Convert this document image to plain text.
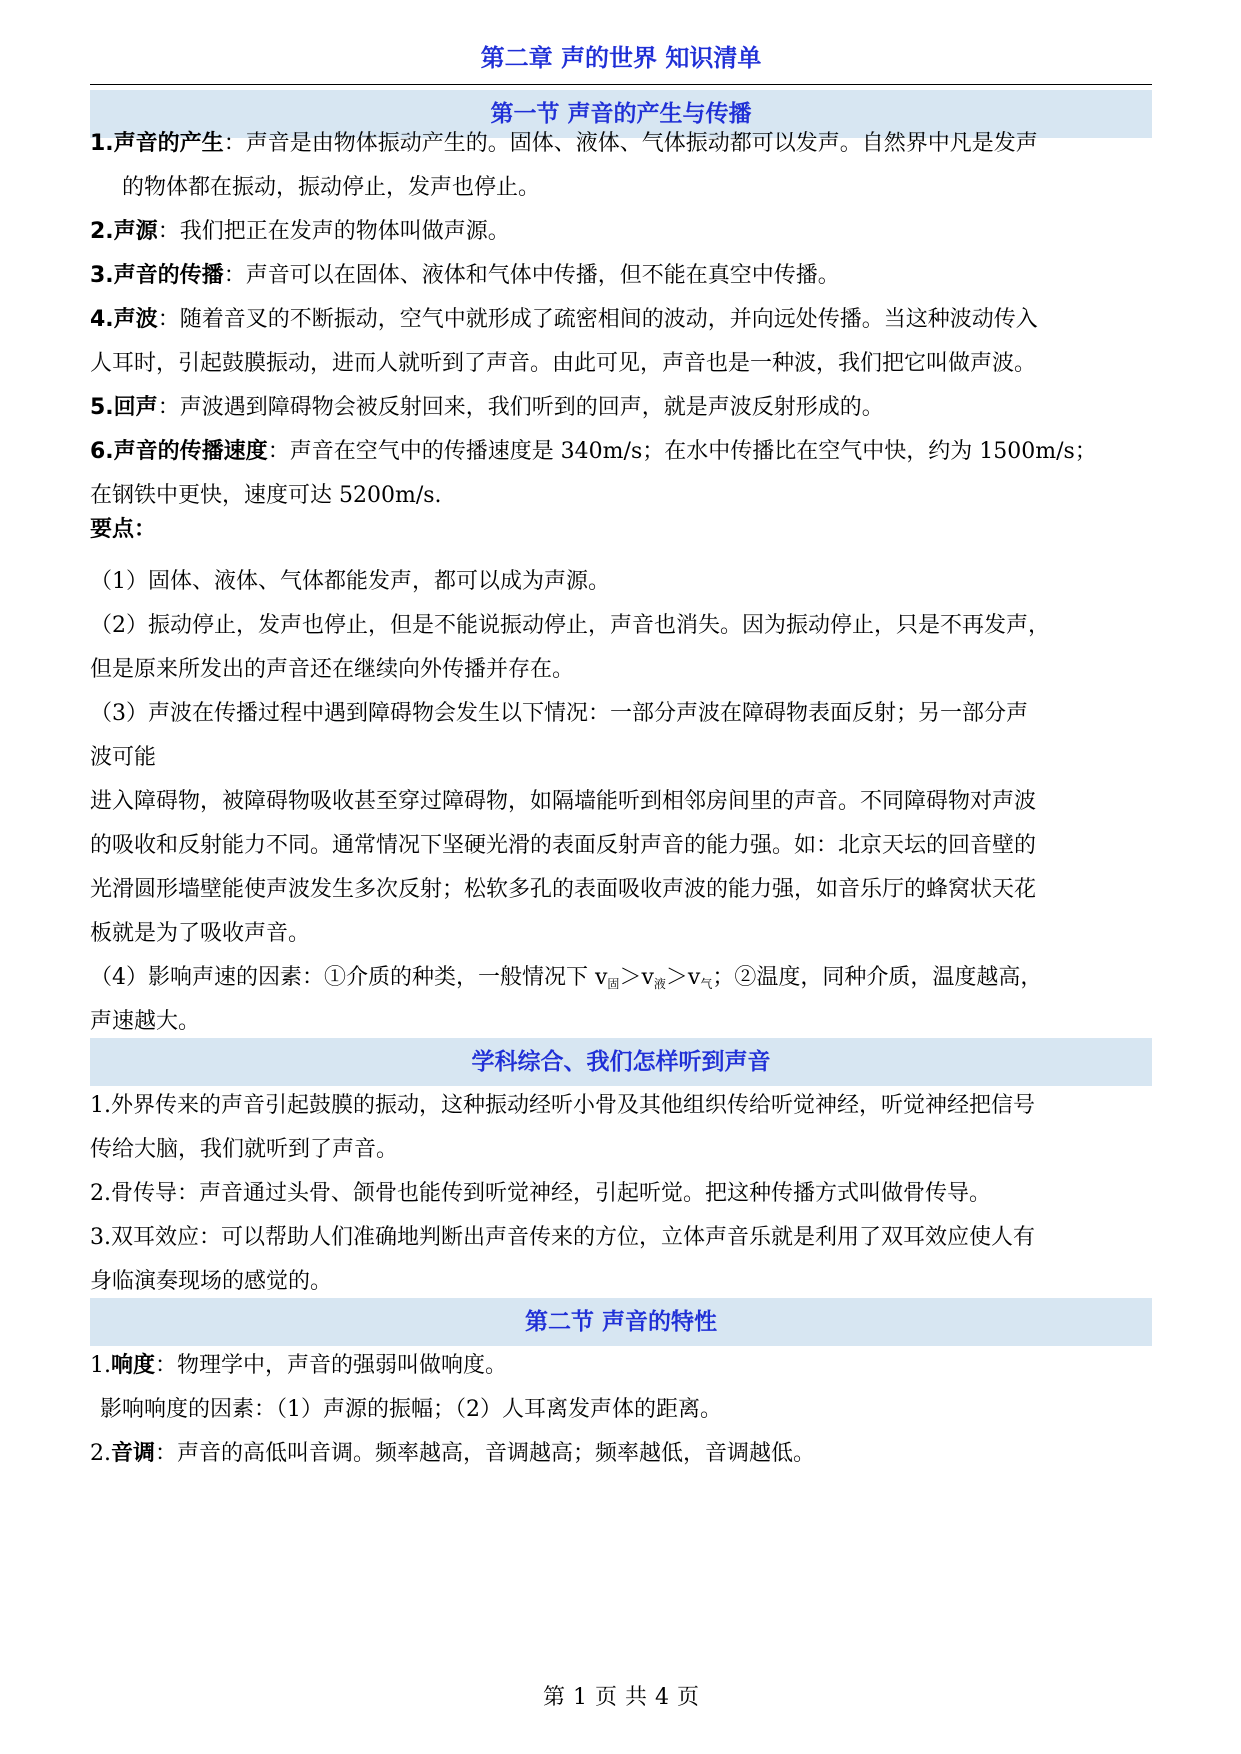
第二章 声的世界 知识清单
第一节 声音的产生与传播
1.声音的产生：声音是由物体振动产生的。固体、液体、气体振动都可以发声。自然界中凡是发声
的物体都在振动，振动停止，发声也停止。
2.声源：我们把正在发声的物体叫做声源。
3.声音的传播：声音可以在固体、液体和气体中传播，但不能在真空中传播。
4.声波：随着音叉的不断振动，空气中就形成了疏密相间的波动，并向远处传播。当这种波动传入
人耳时，引起鼓膜振动，进而人就听到了声音。由此可见，声音也是一种波，我们把它叫做声波。
5.回声：声波遇到障碍物会被反射回来，我们听到的回声，就是声波反射形成的。
6.声音的传播速度：声音在空气中的传播速度是 340m/s；在水中传播比在空气中快，约为 1500m/s；
在钢铁中更快，速度可达 5200m/s.
要点：
（1）固体、液体、气体都能发声，都可以成为声源。
（2）振动停止，发声也停止，但是不能说振动停止，声音也消失。因为振动停止，只是不再发声，
但是原来所发出的声音还在继续向外传播并存在。
（3）声波在传播过程中遇到障碍物会发生以下情况：一部分声波在障碍物表面反射；另一部分声
波可能
进入障碍物，被障碍物吸收甚至穿过障碍物，如隔墙能听到相邻房间里的声音。不同障碍物对声波
的吸收和反射能力不同。通常情况下坚硬光滑的表面反射声音的能力强。如：北京天坛的回音壁的
光滑圆形墙壁能使声波发生多次反射；松软多孔的表面吸收声波的能力强，如音乐厅的蜂窝状天花
板就是为了吸收声音。
（4）影响声速的因素：①介质的种类，一般情况下 v固＞v液＞v气；②温度，同种介质，温度越高，
声速越大。
学科综合、我们怎样听到声音
1.外界传来的声音引起鼓膜的振动，这种振动经听小骨及其他组织传给听觉神经，听觉神经把信号
传给大脑，我们就听到了声音。
2.骨传导：声音通过头骨、颌骨也能传到听觉神经，引起听觉。把这种传播方式叫做骨传导。
3.双耳效应：可以帮助人们准确地判断出声音传来的方位，立体声音乐就是利用了双耳效应使人有
身临演奏现场的感觉的。
第二节 声音的特性
1.响度：物理学中，声音的强弱叫做响度。
影响响度的因素：（1）声源的振幅；（2）人耳离发声体的距离。
2.音调：声音的高低叫音调。频率越高，音调越高；频率越低，音调越低。
第 1 页 共 4 页
